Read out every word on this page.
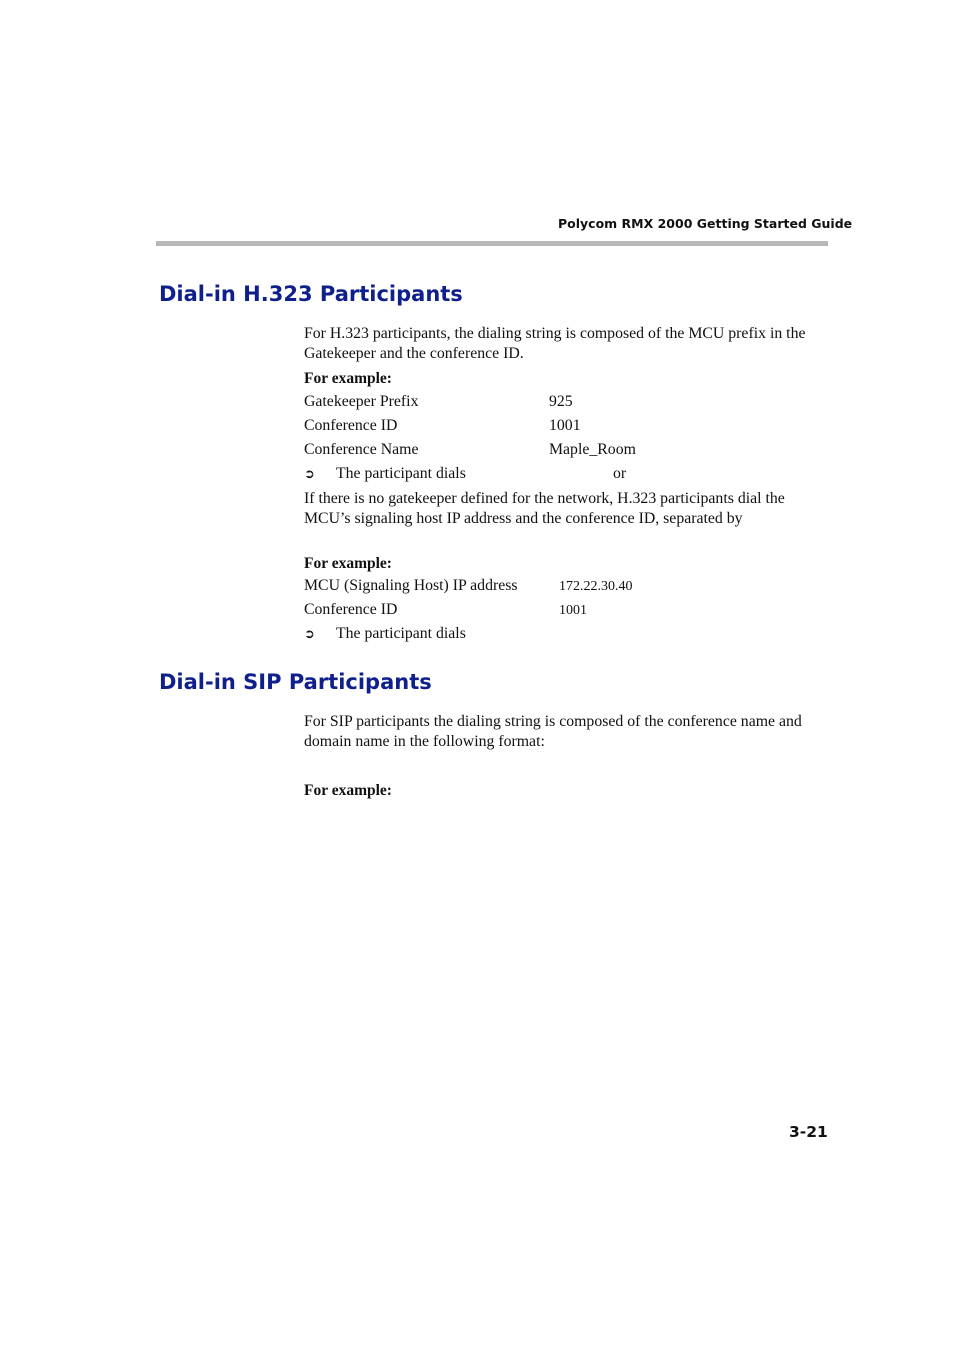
Polycom RMX 2000 Getting Started Guide
Dial-in H.323 Participants
For H.323 participants, the dialing string is composed of the MCU prefix in the Gatekeeper and the conference ID.
For example:
Gatekeeper Prefix	925
Conference ID	1001
Conference Name	Maple_Room
➲ The participant dials	or
If there is no gatekeeper defined for the network, H.323 participants dial the MCU’s signaling host IP address and the conference ID, separated by
For example:
MCU (Signaling Host) IP address	172.22.30.40
Conference ID	1001
➲ The participant dials
Dial-in SIP Participants
For SIP participants the dialing string is composed of the conference name and domain name in the following format:
For example:
3-21
